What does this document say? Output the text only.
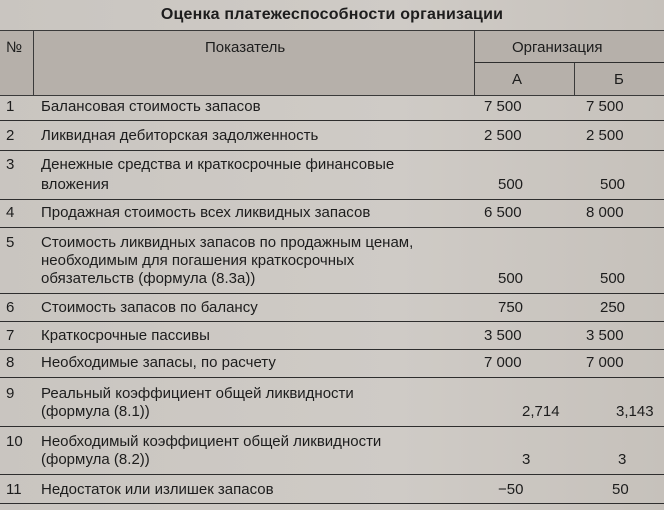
Оценка платежеспособности организации
№	Показатель	Организация
А	Б
1 Балансовая стоимость запасов	7 500	7 500
2 Ликвидная дебиторская задолженность	2 500	2 500
3 Денежные средства и краткосрочные финансовые
вложения	500	500
4 Продажная стоимость всех ликвидных запасов	6 500	8 000
5 Стоимость ликвидных запасов по продажным ценам,
необходимым для погашения краткосрочных
обязательств (формула (8.3а))	500	500
6 Стоимость запасов по балансу	750	250
7 Краткосрочные пассивы	3 500	3 500
8 Необходимые запасы, по расчету	7 000	7 000
9 Реальный коэффициент общей ликвидности
(формула (8.1))	2,714	3,143
10 Необходимый коэффициент общей ликвидности
(формула (8.2))	3	3
11 Недостаток или излишек запасов	−50	50
